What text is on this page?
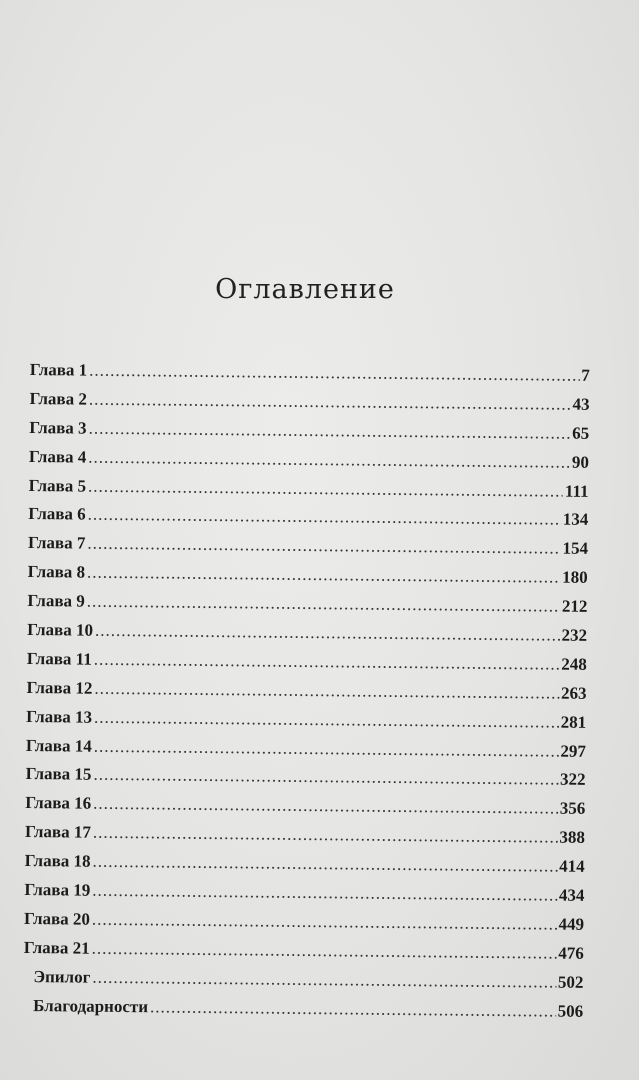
Оглавление
Глава 1 .....	7
Глава 2 .....	43
Глава 3 .....	65
Глава 4 .....	90
Глава 5 .....	111
Глава 6 .....	134
Глава 7 .....	154
Глава 8 .....	180
Глава 9 .....	212
Глава 10 .....	232
Глава 11 .....	248
Глава 12 .....	263
Глава 13 .....	281
Глава 14 .....	297
Глава 15 .....	322
Глава 16 .....	356
Глава 17 .....	388
Глава 18 .....	414
Глава 19 .....	434
Глава 20 .....	449
Глава 21 .....	476
Эпилог .....	502
Благодарности .....	506
